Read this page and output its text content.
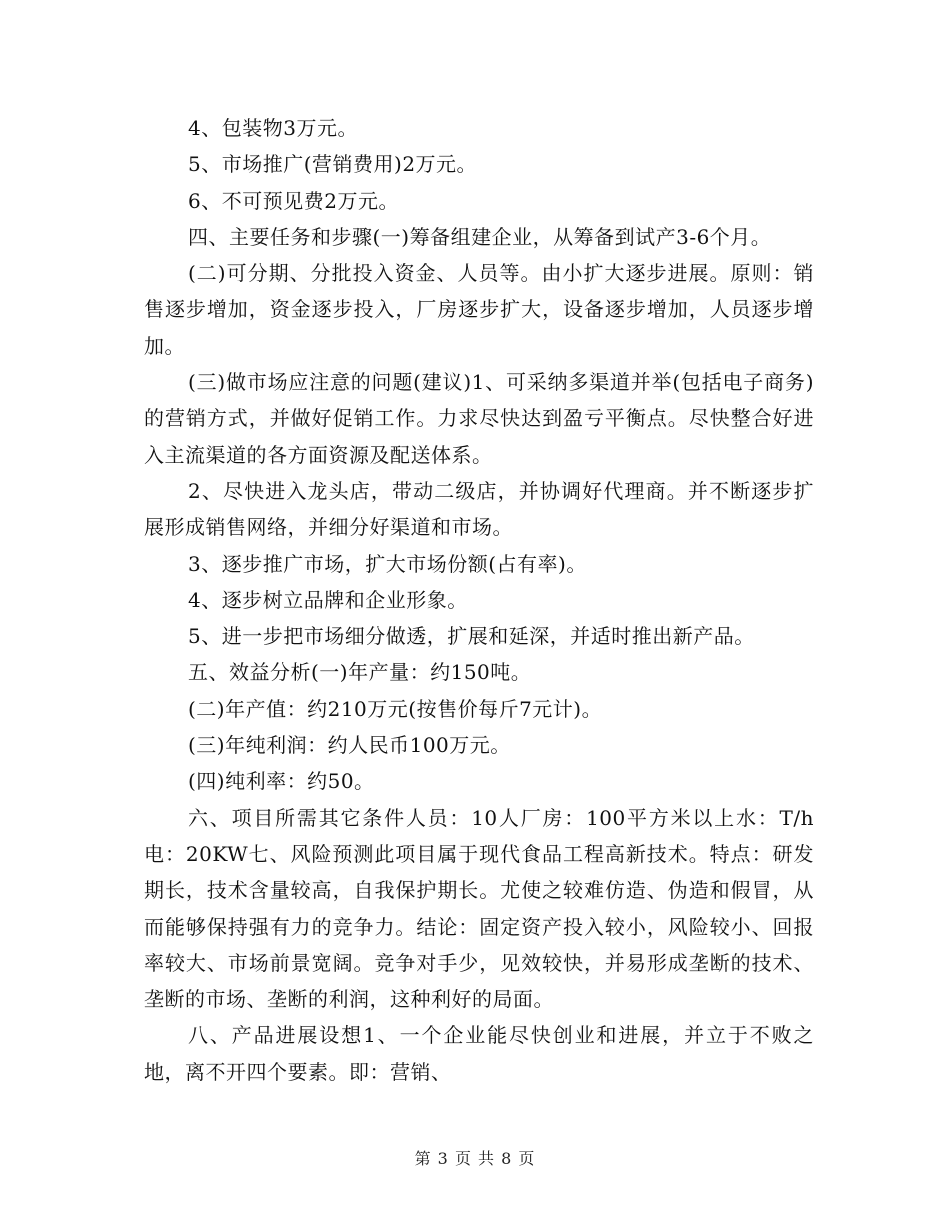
4、包装物3万元。

5、市场推广(营销费用)2万元。

6、不可预见费2万元。

四、主要任务和步骤(一)筹备组建企业，从筹备到试产3-6个月。

(二)可分期、分批投入资金、人员等。由小扩大逐步进展。原则：销售逐步增加，资金逐步投入，厂房逐步扩大，设备逐步增加，人员逐步增加。

(三)做市场应注意的问题(建议)1、可采纳多渠道并举(包括电子商务)的营销方式，并做好促销工作。力求尽快达到盈亏平衡点。尽快整合好进入主流渠道的各方面资源及配送体系。

2、尽快进入龙头店，带动二级店，并协调好代理商。并不断逐步扩展形成销售网络，并细分好渠道和市场。

3、逐步推广市场，扩大市场份额(占有率)。

4、逐步树立品牌和企业形象。

5、进一步把市场细分做透，扩展和延深，并适时推出新产品。

五、效益分析(一)年产量：约150吨。

(二)年产值：约210万元(按售价每斤7元计)。

(三)年纯利润：约人民币100万元。

(四)纯利率：约50。

六、项目所需其它条件人员：10人厂房：100平方米以上水：T/h电：20KW七、风险预测此项目属于现代食品工程高新技术。特点：研发期长，技术含量较高，自我保护期长。尤使之较难仿造、伪造和假冒，从而能够保持强有力的竞争力。结论：固定资产投入较小，风险较小、回报率较大、市场前景宽阔。竞争对手少，见效较快，并易形成垄断的技术、垄断的市场、垄断的利润，这种利好的局面。

八、产品进展设想1、一个企业能尽快创业和进展，并立于不败之地，离不开四个要素。即：营销、

第 3 页 共 8 页
